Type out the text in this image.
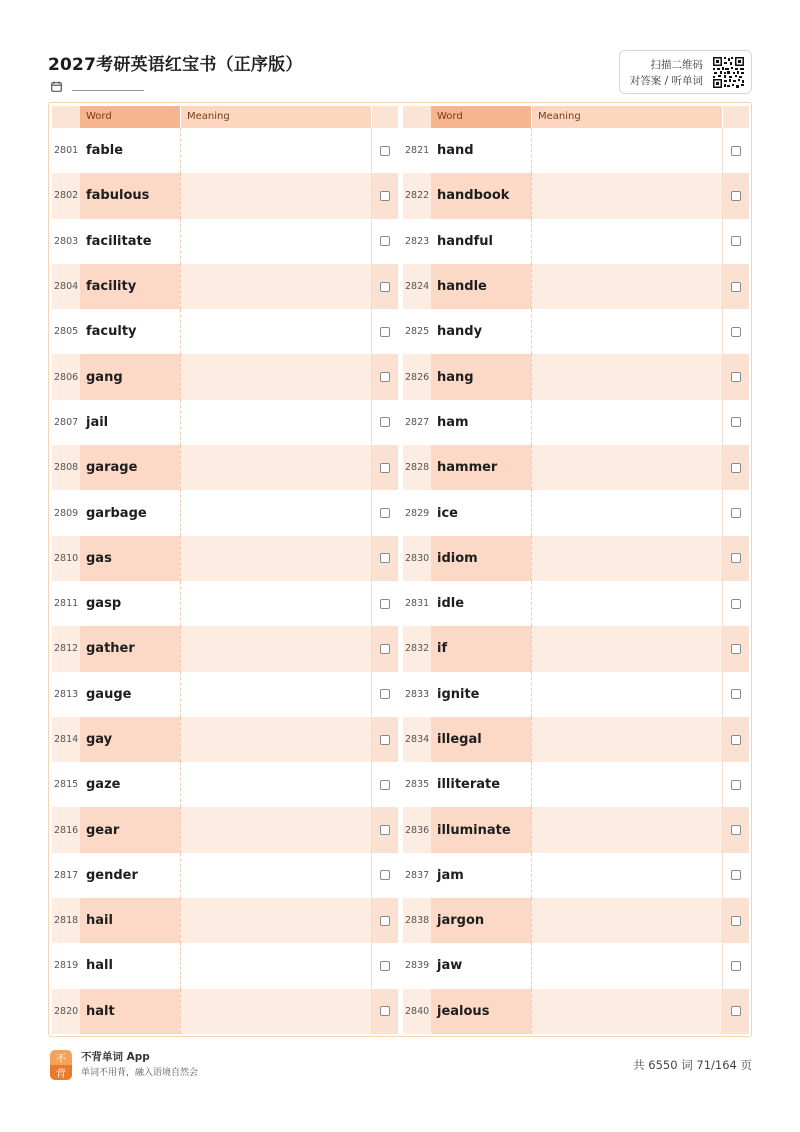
2027考研英语红宝书（正序版）	扫描二维码
对答案 / 听单词
Word	Meaning
2801 fable
2802 fabulous
2803 facilitate
2804 facility
2805 faculty
2806 gang
2807 jail
2808 garage
2809 garbage
2810 gas
2811 gasp
2812 gather
2813 gauge
2814 gay
2815 gaze
2816 gear
2817 gender
2818 hail
2819 hall
2820 halt
Word	Meaning
2821 hand
2822 handbook
2823 handful
2824 handle
2825 handy
2826 hang
2827 ham
2828 hammer
2829 ice
2830 idiom
2831 idle
2832 if
2833 ignite
2834 illegal
2835 illiterate
2836 illuminate
2837 jam
2838 jargon
2839 jaw
2840 jealous
不
背
不背单词 App
单词不用背，融入语境自然会
共 6550 词 71/164 页
